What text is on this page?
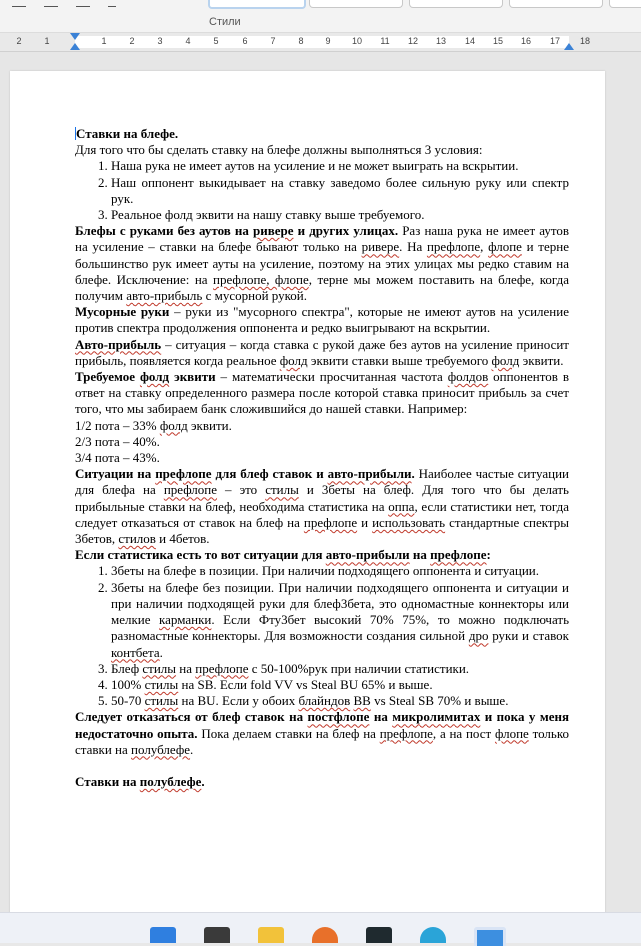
Стили
2	1	1	2	3	4	5	6	7	8 9 10 11 12 13 14 15 16 17 18

Ставки на блефе.

Для того что бы сделать ставку на блефе должны выполняться 3 условия:

1. Наша рука не имеет аутов на усиление и не может выиграть на вскрытии.
2. Наш оппонент выкидывает на ставку заведомо более сильную руку или спектр рук.
3. Реальное фолд эквити на нашу ставку выше требуемого.

Блефы с руками без аутов на ривере и других улицах. Раз наша рука не имеет аутов на усиление – ставки на блефе бывают только на ривере. На префлопе, флопе и терне большинство рук имеет ауты на усиление, поэтому на этих улицах мы редко ставим на блефе. Исключение: на префлопе, флопе, терне мы можем поставить на блефе, когда получим авто-прибыль с мусорной рукой.

Мусорные руки – руки из "мусорного спектра", которые не имеют аутов на усиление против спектра продолжения оппонента и редко выигрывают на вскрытии.

Авто-прибыль – ситуация – когда ставка с рукой даже без аутов на усиление приносит прибыль, появляется когда реальное фолд эквити ставки выше требуемого фолд эквити.

Требуемое фолд эквити – математически просчитанная частота фолдов оппонентов в ответ на ставку определенного размера после которой ставка приносит прибыль за счет того, что мы забираем банк сложившийся до нашей ставки. Например:

1/2 пота – 33% фолд эквити.

2/3 пота – 40%.

3/4 пота – 43%.

Ситуации на префлопе для блеф ставок и авто-прибыли. Наиболее частые ситуации для блефа на префлопе – это стилы и 3беты на блеф. Для того что бы делать прибыльные ставки на блеф, необходима статистика на оппа, если статистики нет, тогда следует отказаться от ставок на блеф на префлопе и использовать стандартные спектры 3бетов, стилов и 4бетов.

Если статистика есть то вот ситуации для авто-прибыли на префлопе:

1. 3беты на блефе в позиции. При наличии подходящего оппонента и ситуации.
2. 3беты на блефе без позиции. При наличии подходящего оппонента и ситуации и при наличии подходящей руки для блеф3бета, это одномастные коннекторы или мелкие карманки. Если Фту3бет высокий 70% 75%, то можно подключать разномастные коннекторы. Для возможности создания сильной дро руки и ставок контбета.
3. Блеф стилы на префлопе с 50-100%рук при наличии статистики.
4. 100% стилы на SB. Если fold VV vs Steal BU 65% и выше.
5. 50-70 стилы на BU. Если у обоих блайндов BB vs Steal SB 70% и выше.

Следует отказаться от блеф ставок на постфлопе на микролимитах и пока у меня недостаточно опыта. Пока делаем ставки на блеф на префлопе, а на пост флопе только ставки на полублефе.

Ставки на полублефе.
